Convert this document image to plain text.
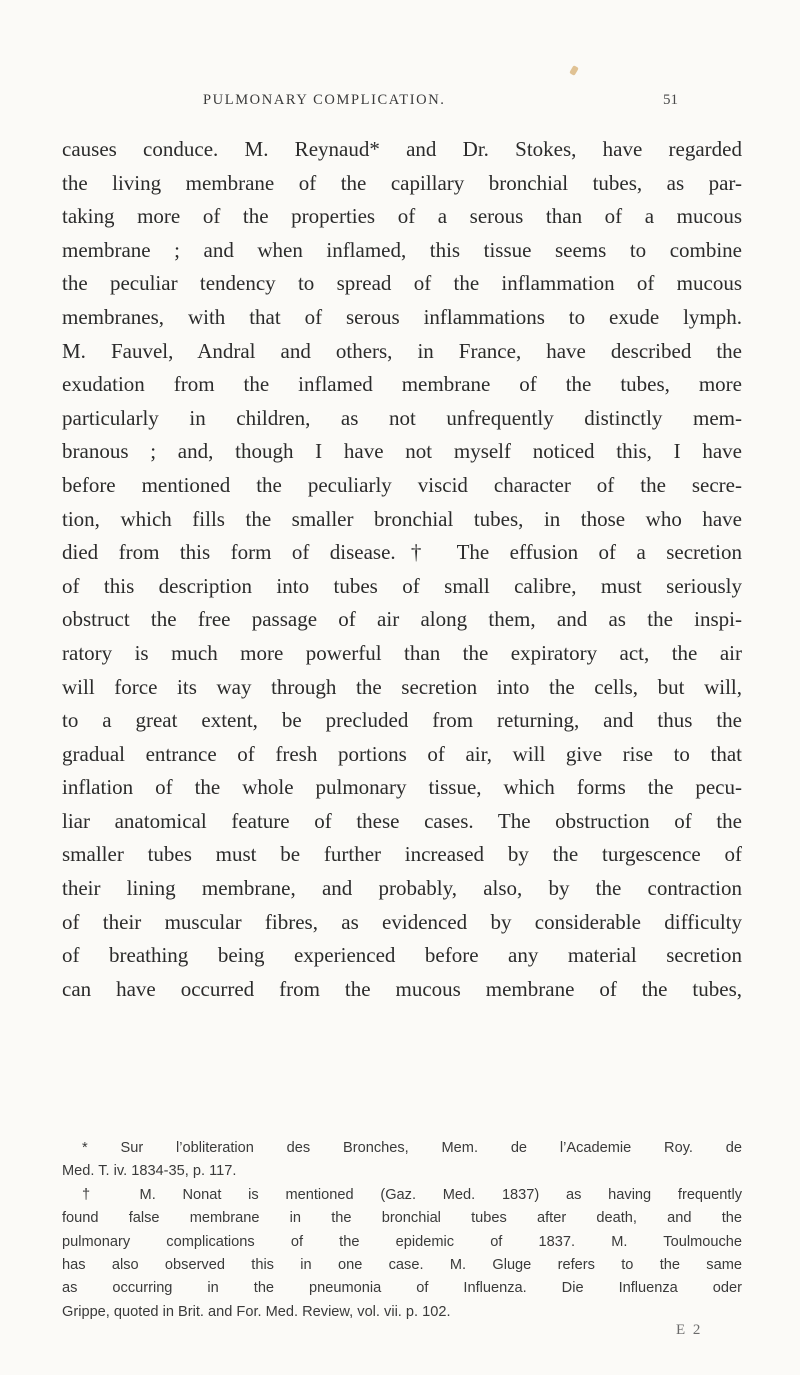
PULMONARY COMPLICATION.	51
causes conduce. M. Reynaud* and Dr. Stokes, have regarded
the living membrane of the capillary bronchial tubes, as par-
taking more of the properties of a serous than of a mucous
membrane ; and when inflamed, this tissue seems to combine
the peculiar tendency to spread of the inflammation of mucous
membranes, with that of serous inflammations to exude lymph.
M. Fauvel, Andral and others, in France, have described the
exudation from the inflamed membrane of the tubes, more
particularly in children, as not unfrequently distinctly mem-
branous ; and, though I have not myself noticed this, I have
before mentioned the peculiarly viscid character of the secre-
tion, which fills the smaller bronchial tubes, in those who have
died from this form of disease.† The effusion of a secretion
of this description into tubes of small calibre, must seriously
obstruct the free passage of air along them, and as the inspi-
ratory is much more powerful than the expiratory act, the air
will force its way through the secretion into the cells, but will,
to a great extent, be precluded from returning, and thus the
gradual entrance of fresh portions of air, will give rise to that
inflation of the whole pulmonary tissue, which forms the pecu-
liar anatomical feature of these cases. The obstruction of the
smaller tubes must be further increased by the turgescence of
their lining membrane, and probably, also, by the contraction
of their muscular fibres, as evidenced by considerable difficulty
of breathing being experienced before any material secretion
can have occurred from the mucous membrane of the tubes,
* Sur l’obliteration des Bronches, Mem. de l’Academie Roy. de
Med. T. iv. 1834-35, p. 117.
† M. Nonat is mentioned (Gaz. Med. 1837) as having frequently
found false membrane in the bronchial tubes after death, and the
pulmonary complications of the epidemic of 1837. M. Toulmouche
has also observed this in one case. M. Gluge refers to the same
as occurring in the pneumonia of Influenza. Die Influenza oder
Grippe, quoted in Brit. and For. Med. Review, vol. vii. p. 102.
E 2
